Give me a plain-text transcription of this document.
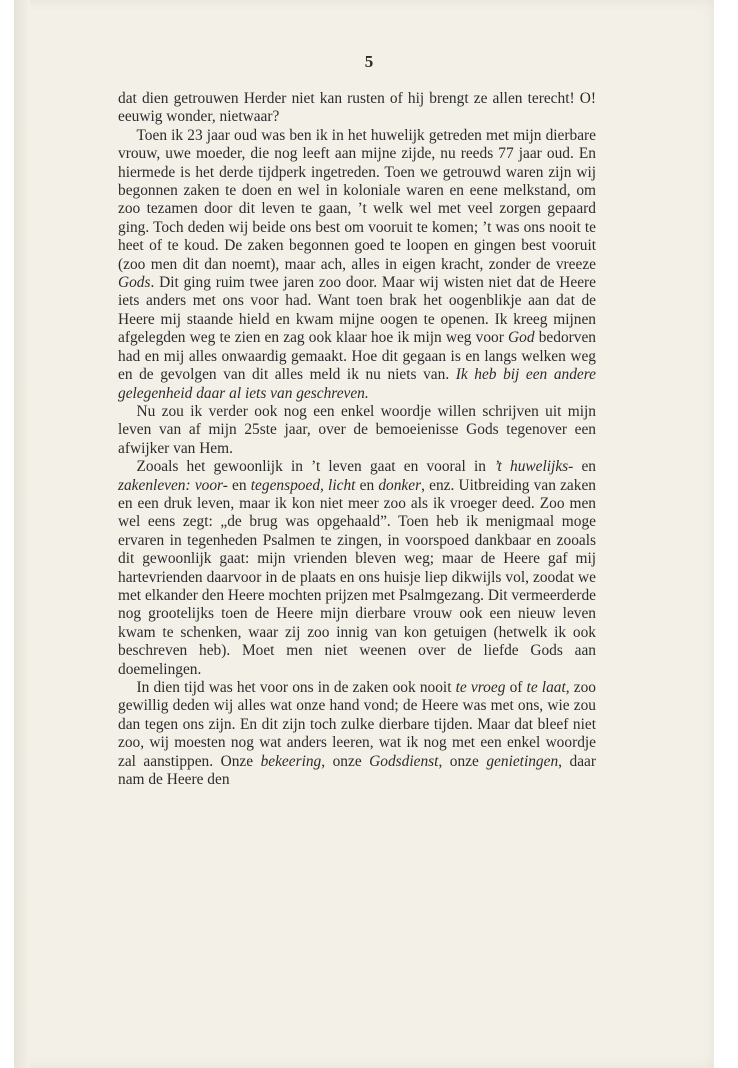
5

dat dien getrouwen Herder niet kan rusten of hij brengt ze allen terecht! O! eeuwig wonder, nietwaar?

Toen ik 23 jaar oud was ben ik in het huwelijk getreden met mijn dierbare vrouw, uwe moeder, die nog leeft aan mijne zijde, nu reeds 77 jaar oud. En hiermede is het derde tijdperk ingetreden. Toen we getrouwd waren zijn wij begonnen zaken te doen en wel in koloniale waren en eene melkstand, om zoo tezamen door dit leven te gaan, ’t welk wel met veel zorgen gepaard ging. Toch deden wij beide ons best om vooruit te komen; ’t was ons nooit te heet of te koud. De zaken begonnen goed te loopen en gingen best vooruit (zoo men dit dan noemt), maar ach, alles in eigen kracht, zonder de vreeze Gods. Dit ging ruim twee jaren zoo door. Maar wij wisten niet dat de Heere iets anders met ons voor had. Want toen brak het oogenblikje aan dat de Heere mij staande hield en kwam mijne oogen te openen. Ik kreeg mijnen afgelegden weg te zien en zag ook klaar hoe ik mijn weg voor God bedorven had en mij alles onwaardig gemaakt. Hoe dit gegaan is en langs welken weg en de gevolgen van dit alles meld ik nu niets van. Ik heb bij een andere gelegenheid daar al iets van geschreven.

Nu zou ik verder ook nog een enkel woordje willen schrijven uit mijn leven van af mijn 25ste jaar, over de bemoeienisse Gods tegenover een afwijker van Hem.

Zooals het gewoonlijk in ’t leven gaat en vooral in ’t huwelijks- en zakenleven: voor- en tegenspoed, licht en donker, enz. Uitbreiding van zaken en een druk leven, maar ik kon niet meer zoo als ik vroeger deed. Zoo men wel eens zegt: „de brug was opgehaald”. Toen heb ik menigmaal moge ervaren in tegenheden Psalmen te zingen, in voorspoed dankbaar en zooals dit gewoonlijk gaat: mijn vrienden bleven weg; maar de Heere gaf mij hartevrienden daarvoor in de plaats en ons huisje liep dikwijls vol, zoodat we met elkander den Heere mochten prijzen met Psalmgezang. Dit vermeerderde nog grootelijks toen de Heere mijn dierbare vrouw ook een nieuw leven kwam te schenken, waar zij zoo innig van kon getuigen (hetwelk ik ook beschreven heb). Moet men niet weenen over de liefde Gods aan doemelingen.

In dien tijd was het voor ons in de zaken ook nooit te vroeg of te laat, zoo gewillig deden wij alles wat onze hand vond; de Heere was met ons, wie zou dan tegen ons zijn. En dit zijn toch zulke dierbare tijden. Maar dat bleef niet zoo, wij moesten nog wat anders leeren, wat ik nog met een enkel woordje zal aanstippen. Onze bekeering, onze Godsdienst, onze genietingen, daar nam de Heere den
